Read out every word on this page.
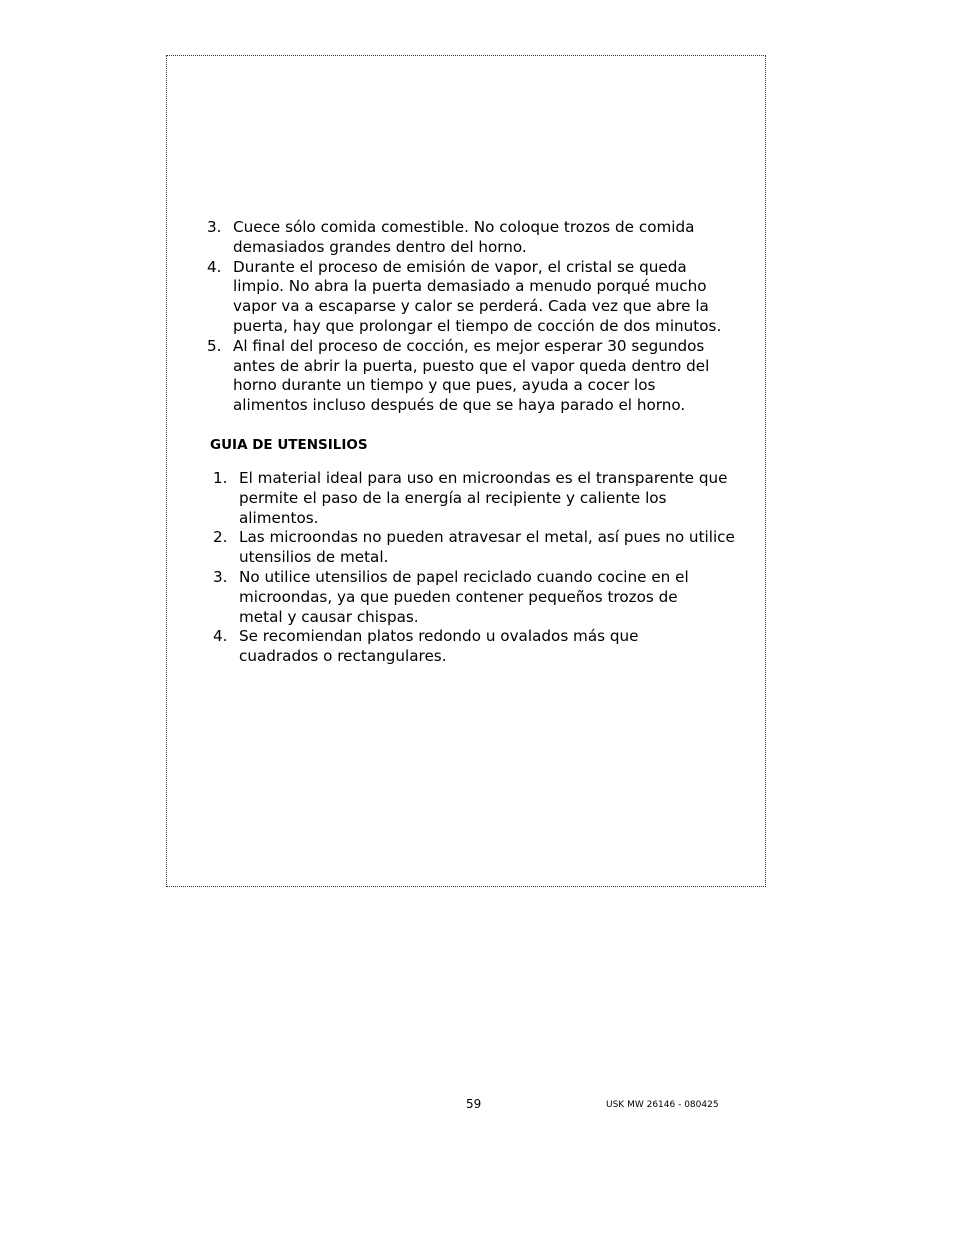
3. Cuece sólo comida comestible. No coloque trozos de comida
demasiados grandes dentro del horno.
4. Durante el proceso de emisión de vapor, el cristal se queda
limpio. No abra la puerta demasiado a menudo porqué mucho
vapor va a escaparse y calor se perderá. Cada vez que abre la
puerta, hay que prolongar el tiempo de cocción de dos minutos.
5. Al final del proceso de cocción, es mejor esperar 30 segundos
antes de abrir la puerta, puesto que el vapor queda dentro del
horno durante un tiempo y que pues, ayuda a cocer los
alimentos incluso después de que se haya parado el horno.
GUIA DE UTENSILIOS
1. El material ideal para uso en microondas es el transparente que
permite el paso de la energía al recipiente y caliente los
alimentos.
2. Las microondas no pueden atravesar el metal, así pues no utilice
utensilios de metal.
3. No utilice utensilios de papel reciclado cuando cocine en el
microondas, ya que pueden contener pequeños trozos de
metal y causar chispas.
4. Se recomiendan platos redondo u ovalados más que
cuadrados o rectangulares.
59	USK MW 26146 - 080425
